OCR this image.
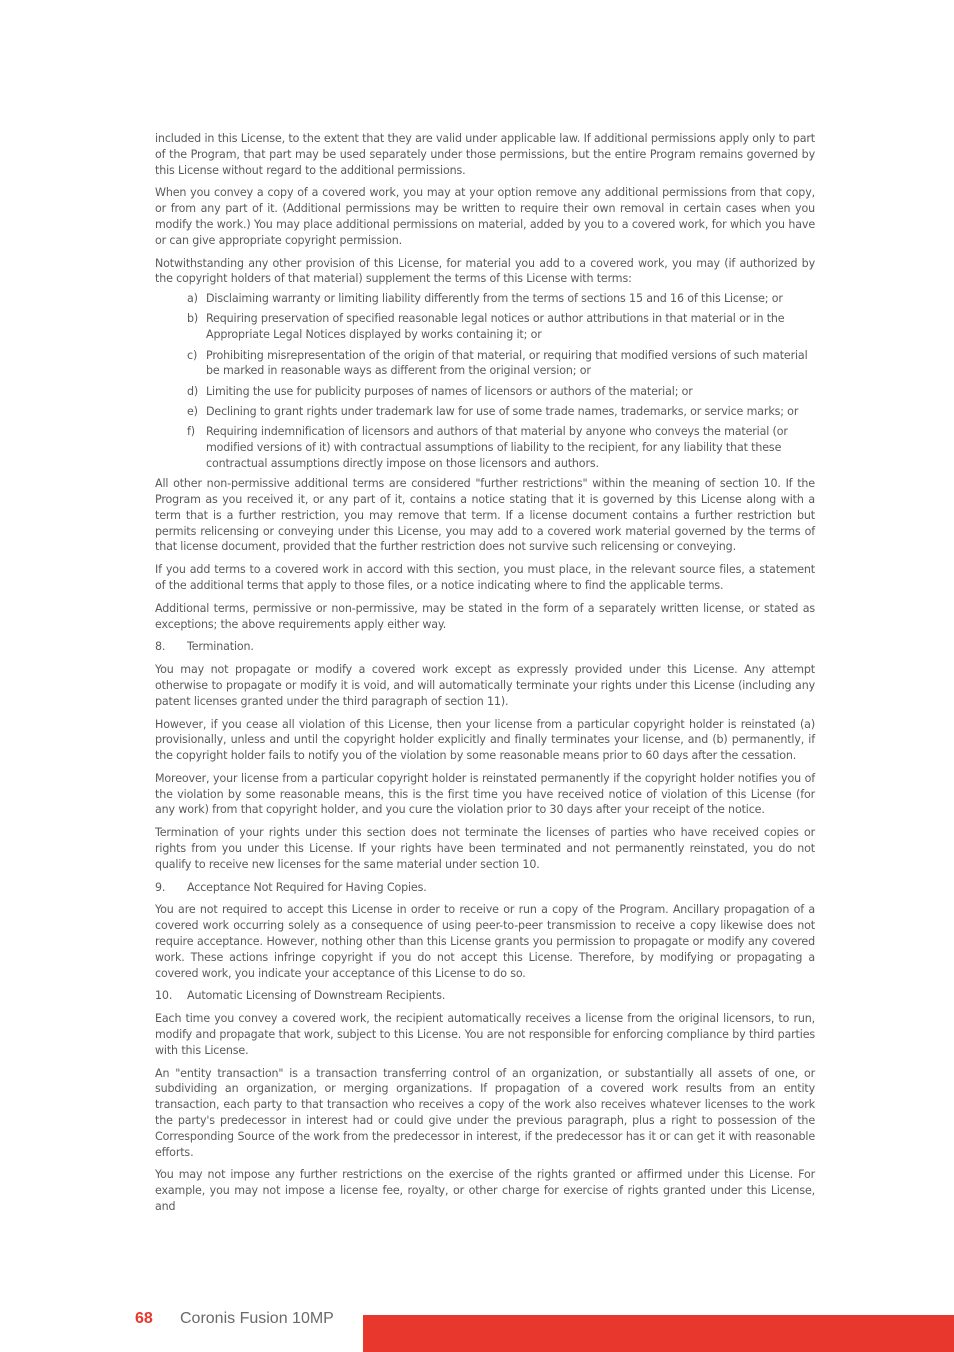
included in this License, to the extent that they are valid under applicable law. If additional permissions apply only to part of the Program, that part may be used separately under those permissions, but the entire Program remains governed by this License without regard to the additional permissions.

When you convey a copy of a covered work, you may at your option remove any additional permissions from that copy, or from any part of it. (Additional permissions may be written to require their own removal in certain cases when you modify the work.) You may place additional permissions on material, added by you to a covered work, for which you have or can give appropriate copyright permission.

Notwithstanding any other provision of this License, for material you add to a covered work, you may (if authorized by the copyright holders of that material) supplement the terms of this License with terms:

a) Disclaiming warranty or limiting liability differently from the terms of sections 15 and 16 of this License; or
b) Requiring preservation of specified reasonable legal notices or author attributions in that material or in the Appropriate Legal Notices displayed by works containing it; or
c) Prohibiting misrepresentation of the origin of that material, or requiring that modified versions of such material be marked in reasonable ways as different from the original version; or
d) Limiting the use for publicity purposes of names of licensors or authors of the material; or
e) Declining to grant rights under trademark law for use of some trade names, trademarks, or service marks; or
f) Requiring indemnification of licensors and authors of that material by anyone who conveys the material (or modified versions of it) with contractual assumptions of liability to the recipient, for any liability that these contractual assumptions directly impose on those licensors and authors.

All other non-permissive additional terms are considered "further restrictions" within the meaning of section 10. If the Program as you received it, or any part of it, contains a notice stating that it is governed by this License along with a term that is a further restriction, you may remove that term. If a license document contains a further restriction but permits relicensing or conveying under this License, you may add to a covered work material governed by the terms of that license document, provided that the further restriction does not survive such relicensing or conveying.

If you add terms to a covered work in accord with this section, you must place, in the relevant source files, a statement of the additional terms that apply to those files, or a notice indicating where to find the applicable terms.

Additional terms, permissive or non-permissive, may be stated in the form of a separately written license, or stated as exceptions; the above requirements apply either way.

8. Termination.

You may not propagate or modify a covered work except as expressly provided under this License. Any attempt otherwise to propagate or modify it is void, and will automatically terminate your rights under this License (including any patent licenses granted under the third paragraph of section 11).

However, if you cease all violation of this License, then your license from a particular copyright holder is reinstated (a) provisionally, unless and until the copyright holder explicitly and finally terminates your license, and (b) permanently, if the copyright holder fails to notify you of the violation by some reasonable means prior to 60 days after the cessation.

Moreover, your license from a particular copyright holder is reinstated permanently if the copyright holder notifies you of the violation by some reasonable means, this is the first time you have received notice of violation of this License (for any work) from that copyright holder, and you cure the violation prior to 30 days after your receipt of the notice.

Termination of your rights under this section does not terminate the licenses of parties who have received copies or rights from you under this License. If your rights have been terminated and not permanently reinstated, you do not qualify to receive new licenses for the same material under section 10.

9. Acceptance Not Required for Having Copies.

You are not required to accept this License in order to receive or run a copy of the Program. Ancillary propagation of a covered work occurring solely as a consequence of using peer-to-peer transmission to receive a copy likewise does not require acceptance. However, nothing other than this License grants you permission to propagate or modify any covered work. These actions infringe copyright if you do not accept this License. Therefore, by modifying or propagating a covered work, you indicate your acceptance of this License to do so.

10. Automatic Licensing of Downstream Recipients.

Each time you convey a covered work, the recipient automatically receives a license from the original licensors, to run, modify and propagate that work, subject to this License. You are not responsible for enforcing compliance by third parties with this License.

An "entity transaction" is a transaction transferring control of an organization, or substantially all assets of one, or subdividing an organization, or merging organizations. If propagation of a covered work results from an entity transaction, each party to that transaction who receives a copy of the work also receives whatever licenses to the work the party's predecessor in interest had or could give under the previous paragraph, plus a right to possession of the Corresponding Source of the work from the predecessor in interest, if the predecessor has it or can get it with reasonable efforts.

You may not impose any further restrictions on the exercise of the rights granted or affirmed under this License. For example, you may not impose a license fee, royalty, or other charge for exercise of rights granted under this License, and

68 Coronis Fusion 10MP
